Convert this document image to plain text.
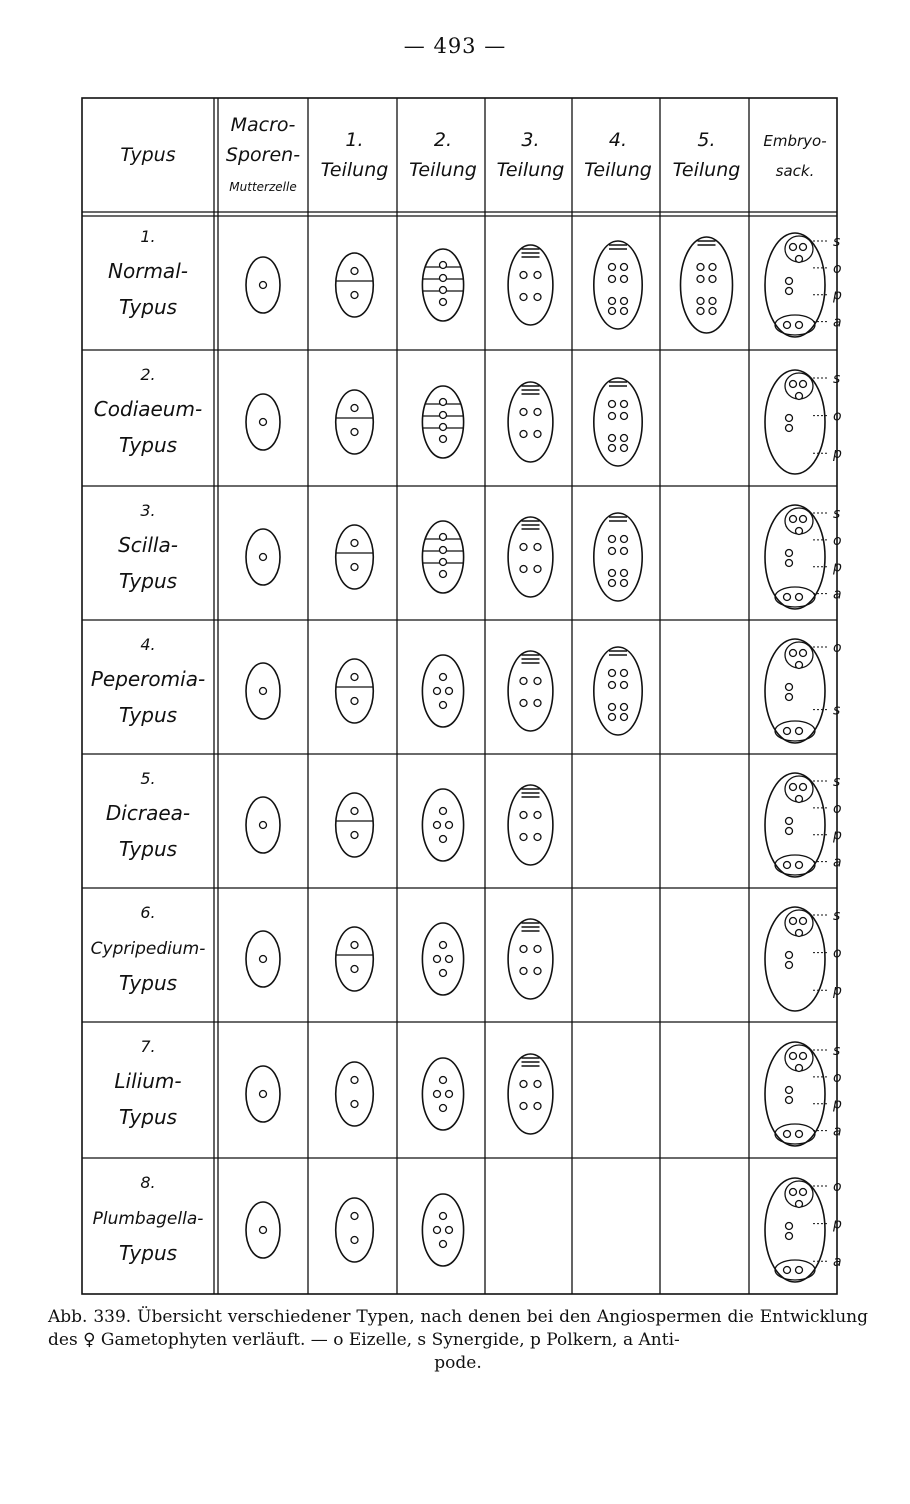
— 493 —
Typus
Macro-
Sporen-
Mutterzelle
1.
Teilung
2.
Teilung
3.
Teilung
4.
Teilung
5.
Teilung
Embryo-
sack.
1.
Normal-
Typus
2.
Codiaeum-
Typus
3.
Scilla-
Typus
4.
Peperomia-
Typus
5.
Dicraea-
Typus
6.
Cypripedium-
Typus
7.
Lilium-
Typus
8.
Plumbagella-
Typus
s
o
p
a
s
o
p
s
o
p
a
o
s
s
o
p
a
s
o
p
s
o
p
a
o
p
a
Abb. 339. Übersicht verschiedener Typen, nach denen bei den Angiospermen die Entwicklung des ♀ Gametophyten verläuft. — o Eizelle, s Synergide, p Polkern, a Anti-
pode.
